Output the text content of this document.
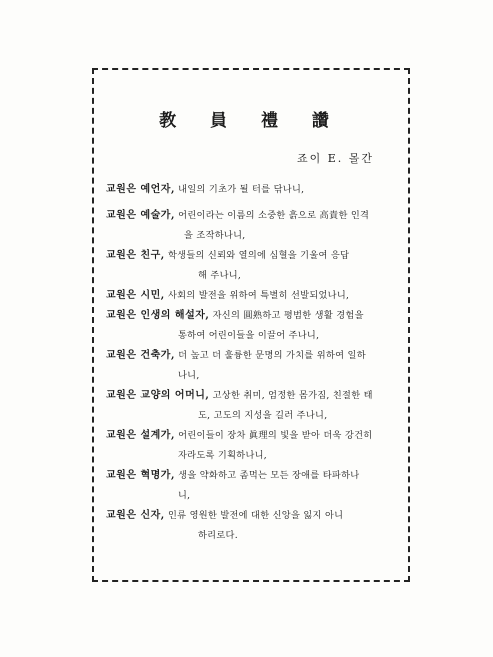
教 員 禮 讚
죠이 E. 몰간
교원은 예언자, 내일의 기초가 될 터를 닦나니,
교원은 예술가, 어린이라는 이름의 소중한 흙으로 高貴한 인격
을 조작하나니,
교원은 친구, 학생들의 신뢰와 열의에 심혈을 기울여 응답
해 주나니,
교원은 시민, 사회의 발전을 위하여 특별히 선발되었나니,
교원은 인생의 해설자, 자신의 圓熟하고 평범한 생활 경험을
통하여 어린이들을 이끌어 주나니,
교원은 건축가, 더 높고 더 훌륭한 문명의 가치를 위하여 일하
나니,
교원은 교양의 어머니, 고상한 취미, 엄정한 몸가짐, 친절한 태
도, 고도의 지성을 길러 주나니,
교원은 설계가, 어린이들이 장차 眞理의 빛을 받아 더욱 강건히
자라도록 기획하나니,
교원은 혁명가, 생을 약화하고 좀먹는 모든 장애를 타파하나
니,
교원은 신자, 인류 영원한 발전에 대한 신앙을 잃지 아니
하리로다.
